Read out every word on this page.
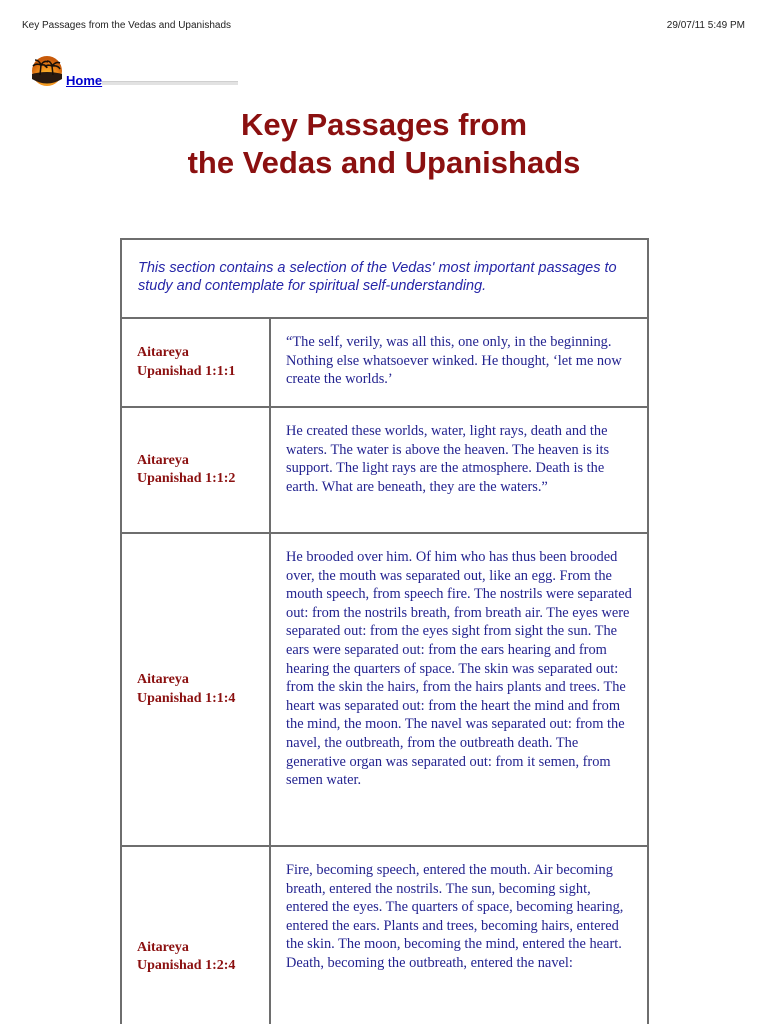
Key Passages from the Vedas and Upanishads	29/07/11 5:49 PM
Home
Key Passages from
the Vedas and Upanishads
This section contains a selection of the Vedas' most important passages to study and contemplate for spiritual self-understanding.
Aitareya
Upanishad 1:1:1
“The self, verily, was all this, one only, in the beginning. Nothing else whatsoever winked. He thought, ‘let me now create the worlds.’
Aitareya
Upanishad 1:1:2
He created these worlds, water, light rays, death and the waters. The water is above the heaven. The heaven is its support. The light rays are the atmosphere. Death is the earth. What are beneath, they are the waters.”
Aitareya
Upanishad 1:1:4
He brooded over him. Of him who has thus been brooded over, the mouth was separated out, like an egg. From the mouth speech, from speech fire. The nostrils were separated out: from the nostrils breath, from breath air. The eyes were separated out: from the eyes sight from sight the sun. The ears were separated out: from the ears hearing and from hearing the quarters of space. The skin was separated out: from the skin the hairs, from the hairs plants and trees. The heart was separated out: from the heart the mind and from the mind, the moon. The navel was separated out: from the navel, the outbreath, from the outbreath death. The generative organ was separated out: from it semen, from semen water.
Aitareya
Upanishad 1:2:4
Fire, becoming speech, entered the mouth. Air becoming breath, entered the nostrils. The sun, becoming sight, entered the eyes. The quarters of space, becoming hearing, entered the ears. Plants and trees, becoming hairs, entered the skin. The moon, becoming the mind, entered the heart. Death, becoming the outbreath, entered the navel:
